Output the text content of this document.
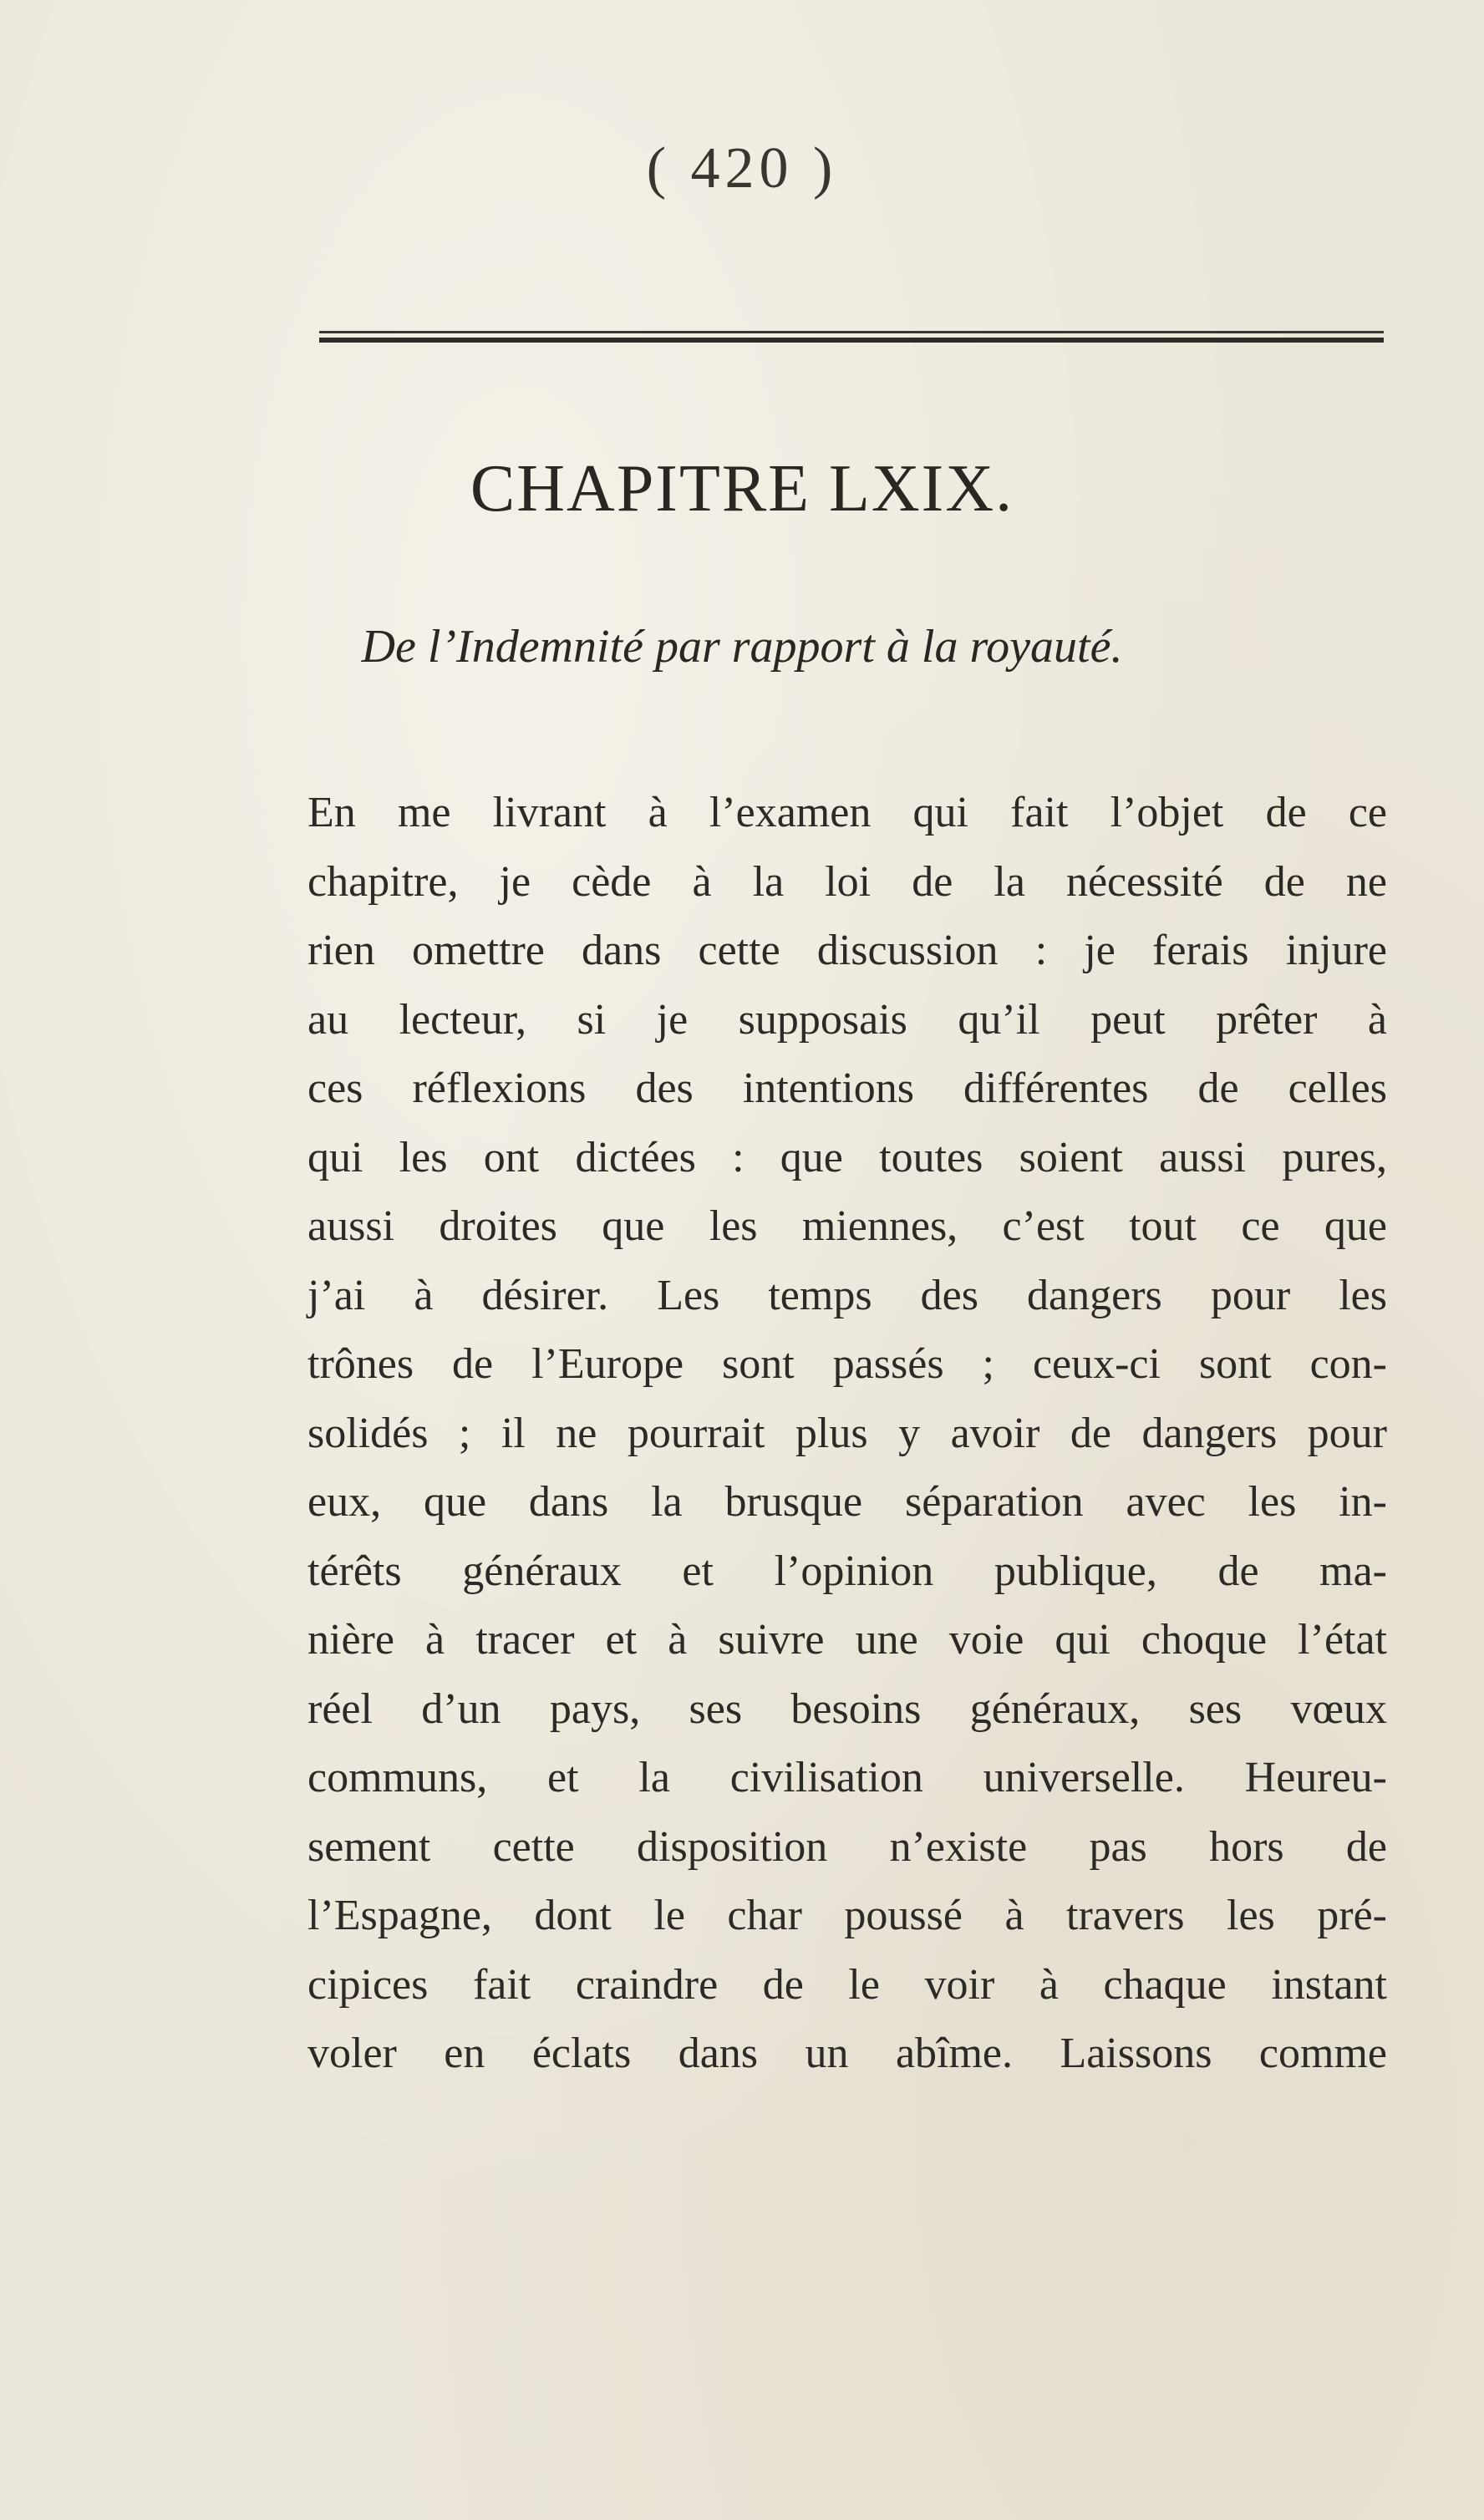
( 420 )
CHAPITRE LXIX.
De l’Indemnité par rapport à la royauté.
En me livrant à l’examen qui fait l’objet de ce
chapitre, je cède à la loi de la nécessité de ne
rien omettre dans cette discussion : je ferais injure
au lecteur, si je supposais qu’il peut prêter à
ces réflexions des intentions différentes de celles
qui les ont dictées : que toutes soient aussi pures,
aussi droites que les miennes, c’est tout ce que
j’ai à désirer. Les temps des dangers pour les
trônes de l’Europe sont passés ; ceux-ci sont con-
solidés ; il ne pourrait plus y avoir de dangers pour
eux, que dans la brusque séparation avec les in-
térêts généraux et l’opinion publique, de ma-
nière à tracer et à suivre une voie qui choque l’état
réel d’un pays, ses besoins généraux, ses vœux
communs, et la civilisation universelle. Heureu-
sement cette disposition n’existe pas hors de
l’Espagne, dont le char poussé à travers les pré-
cipices fait craindre de le voir à chaque instant
voler en éclats dans un abîme. Laissons comme
